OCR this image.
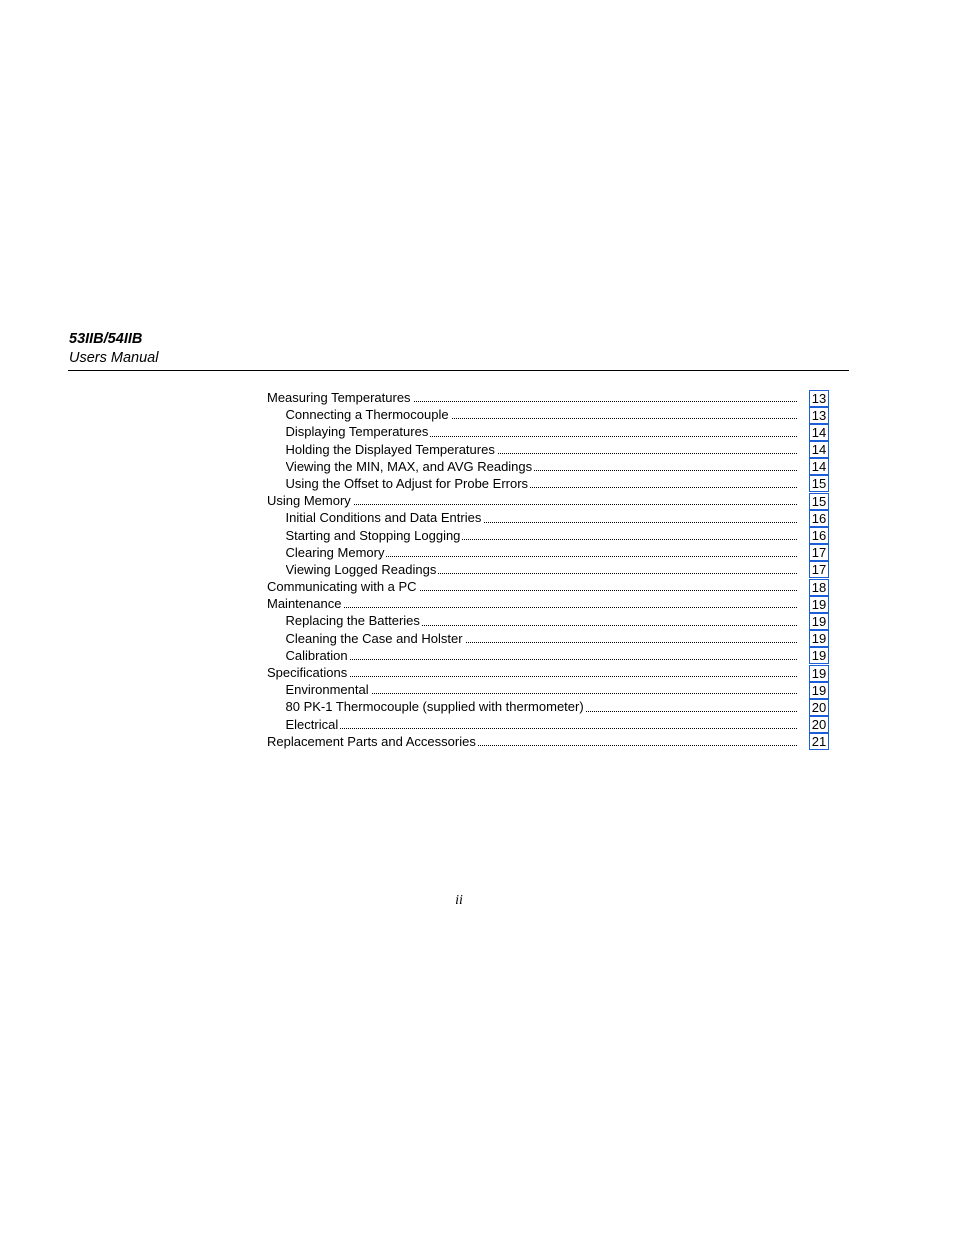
53IIB/54IIB
Users Manual
Measuring Temperatures	13
Connecting a Thermocouple	13
Displaying Temperatures	14
Holding the Displayed Temperatures	14
Viewing the MIN, MAX, and AVG Readings	14
Using the Offset to Adjust for Probe Errors	15
Using Memory	15
Initial Conditions and Data Entries	16
Starting and Stopping Logging	16
Clearing Memory	17
Viewing Logged Readings	17
Communicating with a PC	18
Maintenance	19
Replacing the Batteries	19
Cleaning the Case and Holster	19
Calibration	19
Specifications	19
Environmental	19
80 PK-1 Thermocouple (supplied with thermometer)	20
Electrical	20
Replacement Parts and Accessories	21
ii
